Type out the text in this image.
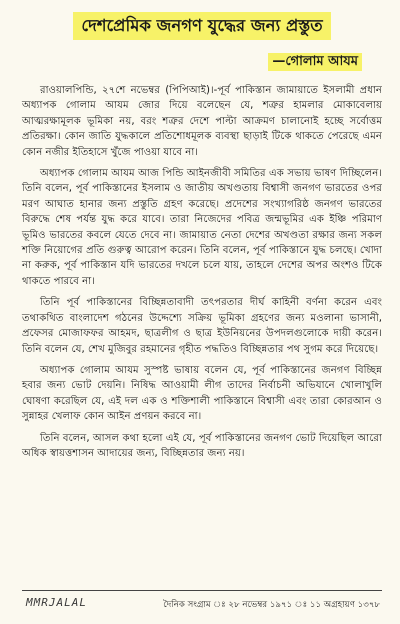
দেশপ্রেমিক জনগণ যুদ্ধের জন্য প্রস্তুত
—গোলাম আযম

রাওয়ালপিন্ডি, ২৭শে নভেম্বর (পিপিআই)।-পূর্ব পাকিস্তান জামায়াতে ইসলামী প্রধান অধ্যাপক গোলাম আযম জোর দিয়ে বলেছেন যে, শত্রুর হামলার মোকাবেলায় আত্মরক্ষামূলক ভূমিকা নয়, বরং শত্রুর দেশে পাল্টা আক্রমণ চালানোই হচ্ছে সর্বোত্তম প্রতিরক্ষা। কোন জাতি যুদ্ধকালে প্রতিশোধমূলক ব্যবস্থা ছাড়াই টিকে থাকতে পেরেছে এমন কোন নজীর ইতিহাসে খুঁজে পাওয়া যাবে না।

অধ্যাপক গোলাম আযম আজ পিন্ডি আইনজীবী সমিতির এক সভায় ভাষণ দিচ্ছিলেন। তিনি বলেন, পূর্ব পাকিস্তানের ইসলাম ও জাতীয় অখণ্ডতায় বিশ্বাসী জনগণ ভারতের ওপর মরণ আঘাত হানার জন্য প্রস্তুতি গ্রহণ করেছে। প্রদেশের সংখ্যাগরিষ্ঠ জনগণ ভারতের বিরুদ্ধে শেষ পর্যন্ত যুদ্ধ করে যাবে। তারা নিজেদের পবিত্র জন্মভূমির এক ইঞ্চি পরিমাণ ভূমিও ভারতের কবলে যেতে দেবে না। জামায়াত নেতা দেশের অখণ্ডতা রক্ষার জন্য সকল শক্তি নিয়োগের প্রতি গুরুত্ব আরোপ করেন। তিনি বলেন, পূর্ব পাকিস্তানে যুদ্ধ চলছে। খোদা না করুক, পূর্ব পাকিস্তান যদি ভারতের দখলে চলে যায়, তাহলে দেশের অপর অংশও টিকে থাকতে পারবে না।

তিনি পূর্ব পাকিস্তানের বিচ্ছিন্নতাবাদী তৎপরতার দীর্ঘ কাহিনী বর্ণনা করেন এবং তথাকথিত বাংলাদেশ গঠনের উদ্দেশ্যে সক্রিয় ভূমিকা গ্রহণের জন্য মওলানা ভাসানী, প্রফেসর মোজাফফর আহমদ, ছাত্রলীগ ও ছাত্র ইউনিয়নের উপদলগুলোকে দায়ী করেন। তিনি বলেন যে, শেখ মুজিবুর রহমানের গৃহীত পদ্ধতিও বিচ্ছিন্নতার পথ সুগম করে দিয়েছে।

অধ্যাপক গোলাম আযম সুস্পষ্ট ভাষায় বলেন যে, পূর্ব পাকিস্তানের জনগণ বিচ্ছিন্ন হবার জন্য ভোট দেয়নি। নিষিদ্ধ আওয়ামী লীগ তাদের নির্বাচনী অভিযানে খোলাখুলি ঘোষণা করেছিল যে, এই দল এক ও শক্তিশালী পাকিস্তানে বিশ্বাসী এবং তারা কোরআন ও সুন্নাহর খেলাফ কোন আইন প্রণয়ন করবে না।

তিনি বলেন, আসল কথা হলো এই যে, পূর্ব পাকিস্তানের জনগণ ভোট দিয়েছিল আরো অধিক স্বায়ত্তশাসন আদায়ের জন্য, বিচ্ছিন্নতার জন্য নয়।

MMRJALAL	দৈনিক সংগ্রাম ঃ ২৮ নভেম্বর ১৯৭১ ঃ ১১ অগ্রহায়ণ ১৩৭৮
